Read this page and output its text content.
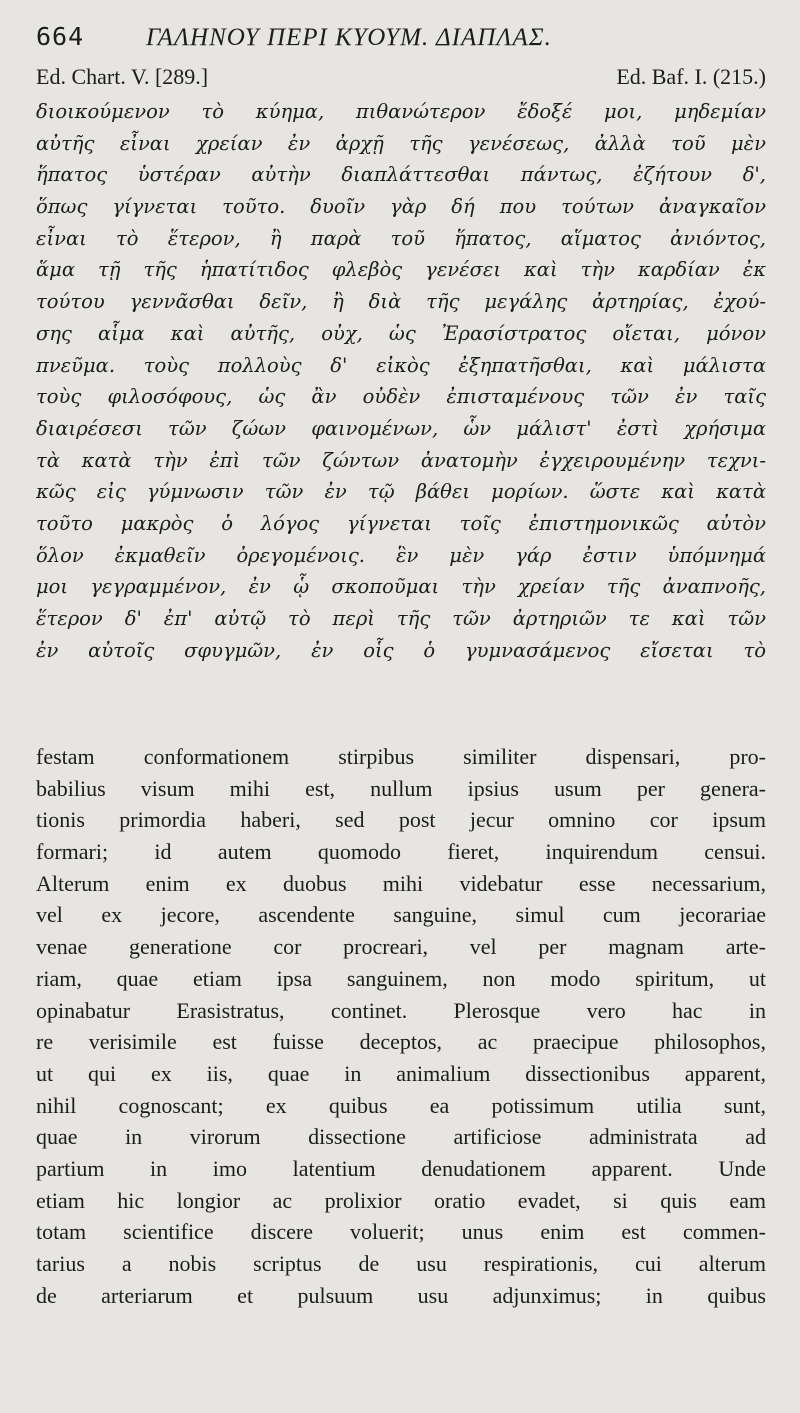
664	ΓΑΛΗΝΟΥ ΠΕΡΙ ΚΥΟΥΜ. ΔΙΑΠΛΑΣ.
Ed. Chart. V. [289.]	Ed. Baf. I. (215.)
διοικούμενον τὸ κύημα, πιθανώτερον ἔδοξέ μοι, μηδεμίαν
αὐτῆς εἶναι χρείαν ἐν ἀρχῇ τῆς γενέσεως, ἀλλὰ τοῦ μὲν
ἥπατος ὑστέραν αὐτὴν διαπλάττεσθαι πάντως, ἐζήτουν δ',
ὅπως γίγνεται τοῦτο. δυοῖν γὰρ δή που τούτων ἀναγκαῖον
εἶναι τὸ ἕτερον, ἢ παρὰ τοῦ ἥπατος, αἵματος ἀνιόντος,
ἅμα τῇ τῆς ἡπατίτιδος φλεβὸς γενέσει καὶ τὴν καρδίαν ἐκ
τούτου γεννᾶσθαι δεῖν, ἢ διὰ τῆς μεγάλης ἀρτηρίας, ἐχού-
σης αἷμα καὶ αὐτῆς, οὐχ, ὡς Ἐρασίστρατος οἴεται, μόνον
πνεῦμα. τοὺς πολλοὺς δ' εἰκὸς ἐξηπατῆσθαι, καὶ μάλιστα
τοὺς φιλοσόφους, ὡς ἂν οὐδὲν ἐπισταμένους τῶν ἐν ταῖς
διαιρέσεσι τῶν ζώων φαινομένων, ὧν μάλιστ' ἐστὶ χρήσιμα
τὰ κατὰ τὴν ἐπὶ τῶν ζώντων ἀνατομὴν ἐγχειρουμένην τεχνι-
κῶς εἰς γύμνωσιν τῶν ἐν τῷ βάθει μορίων. ὥστε καὶ κατὰ
τοῦτο μακρὸς ὁ λόγος γίγνεται τοῖς ἐπιστημονικῶς αὐτὸν
ὅλον ἐκμαθεῖν ὀρεγομένοις. ἓν μὲν γάρ ἐστιν ὑπόμνημά
μοι γεγραμμένον, ἐν ᾧ σκοποῦμαι τὴν χρείαν τῆς ἀναπνοῆς,
ἕτερον δ' ἐπ' αὐτῷ τὸ περὶ τῆς τῶν ἀρτηριῶν τε καὶ τῶν
ἐν αὐτοῖς σφυγμῶν, ἐν οἷς ὁ γυμνασάμενος εἴσεται τὸ
festam conformationem stirpibus similiter dispensari, pro-
babilius visum mihi est, nullum ipsius usum per genera-
tionis primordia haberi, sed post jecur omnino cor ipsum
formari; id autem quomodo fieret, inquirendum censui.
Alterum enim ex duobus mihi videbatur esse necessarium,
vel ex jecore, ascendente sanguine, simul cum jecorariae
venae generatione cor procreari, vel per magnam arte-
riam, quae etiam ipsa sanguinem, non modo spiritum, ut
opinabatur Erasistratus, continet. Plerosque vero hac in
re verisimile est fuisse deceptos, ac praecipue philosophos,
ut qui ex iis, quae in animalium dissectionibus apparent,
nihil cognoscant; ex quibus ea potissimum utilia sunt,
quae in virorum dissectione artificiose administrata ad
partium in imo latentium denudationem apparent. Unde
etiam hic longior ac prolixior oratio evadet, si quis eam
totam scientifice discere voluerit; unus enim est commen-
tarius a nobis scriptus de usu respirationis, cui alterum
de arteriarum et pulsuum usu adjunximus; in quibus
